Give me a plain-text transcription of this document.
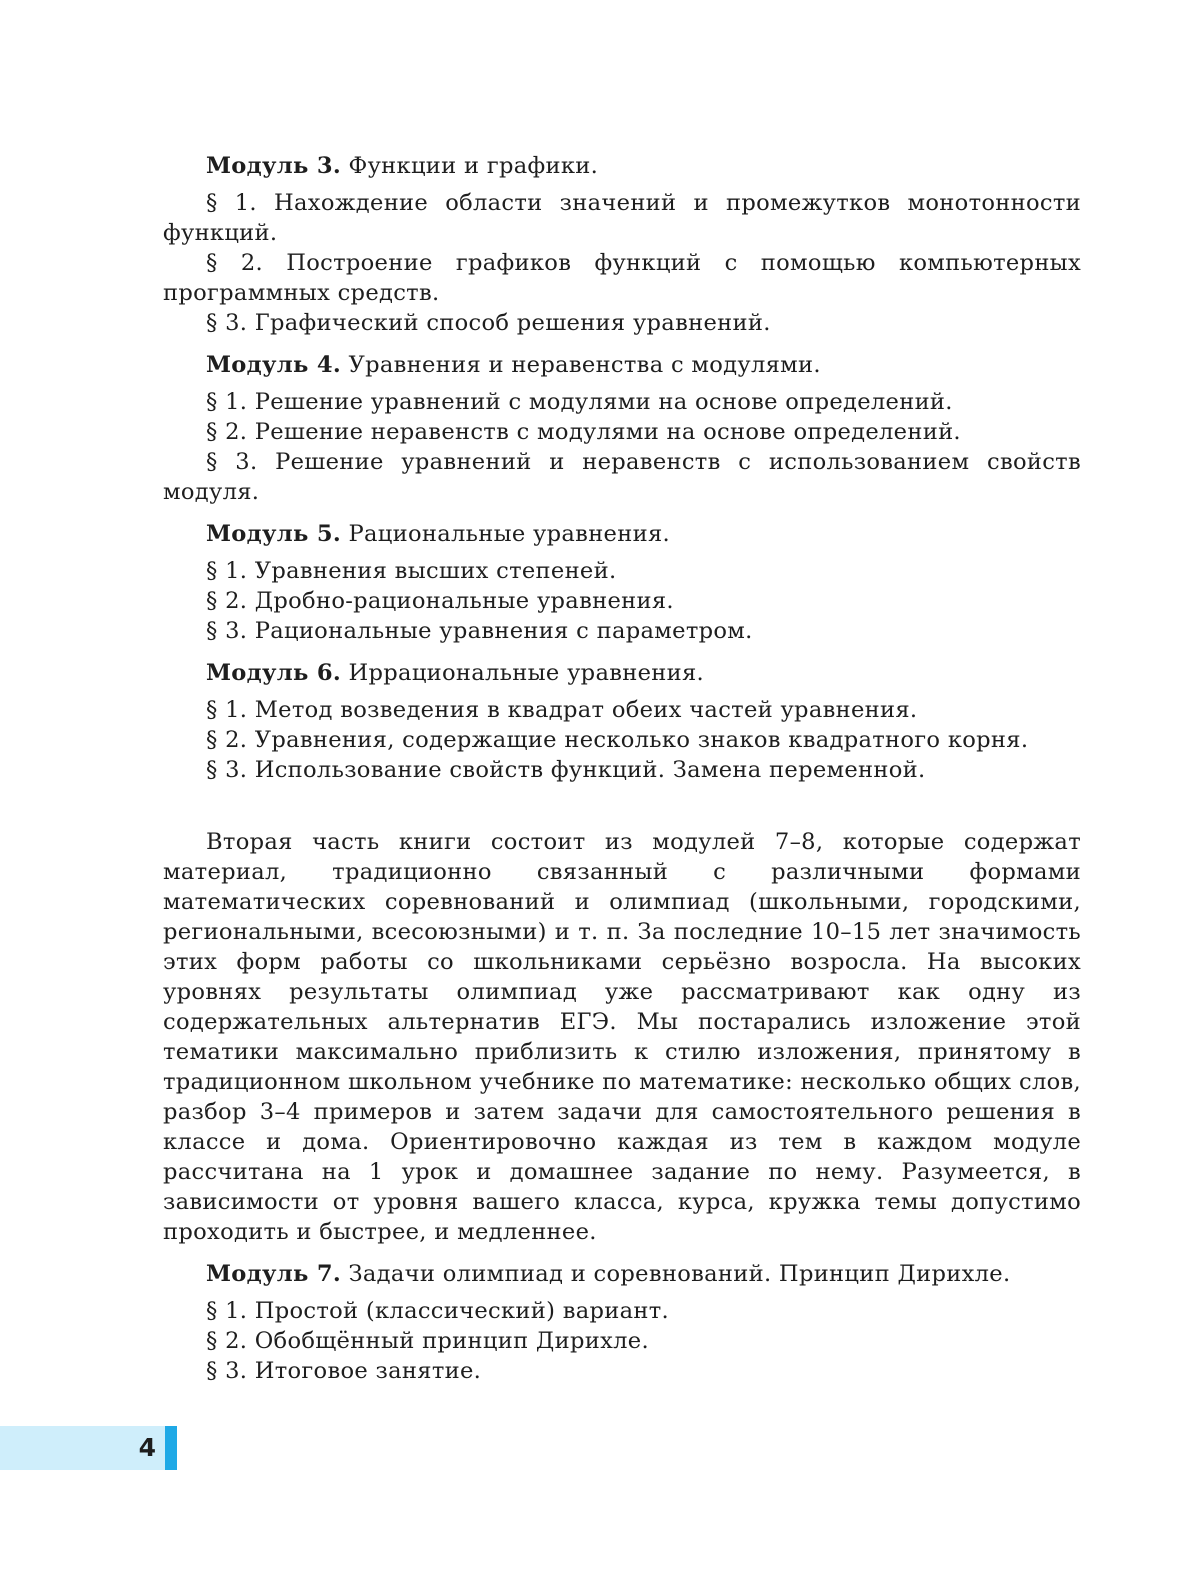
Модуль 3. Функции и графики.

§ 1. Нахождение области значений и промежутков монотонности функций.

§ 2. Построение графиков функций с помощью компьютерных программных средств.

§ 3. Графический способ решения уравнений.

Модуль 4. Уравнения и неравенства с модулями.

§ 1. Решение уравнений с модулями на основе определений.

§ 2. Решение неравенств с модулями на основе определений.

§ 3. Решение уравнений и неравенств с использованием свойств модуля.

Модуль 5. Рациональные уравнения.

§ 1. Уравнения высших степеней.

§ 2. Дробно-рациональные уравнения.

§ 3. Рациональные уравнения с параметром.

Модуль 6. Иррациональные уравнения.

§ 1. Метод возведения в квадрат обеих частей уравнения.

§ 2. Уравнения, содержащие несколько знаков квадратного корня.

§ 3. Использование свойств функций. Замена переменной.

Вторая часть книги состоит из модулей 7–8, которые содержат материал, традиционно связанный с различными формами математических соревнований и олимпиад (школьными, городскими, региональными, всесоюзными) и т. п. За последние 10–15 лет значимость этих форм работы со школьниками серьёзно возросла. На высоких уровнях результаты олимпиад уже рассматривают как одну из содержательных альтернатив ЕГЭ. Мы постарались изложение этой тематики максимально приблизить к стилю изложения, принятому в традиционном школьном учебнике по математике: несколько общих слов, разбор 3–4 примеров и затем задачи для самостоятельного решения в классе и дома. Ориентировочно каждая из тем в каждом модуле рассчитана на 1 урок и домашнее задание по нему. Разумеется, в зависимости от уровня вашего класса, курса, кружка темы допустимо проходить и быстрее, и медленнее.

Модуль 7. Задачи олимпиад и соревнований. Принцип Дирихле.

§ 1. Простой (классический) вариант.

§ 2. Обобщённый принцип Дирихле.

§ 3. Итоговое занятие.

4
